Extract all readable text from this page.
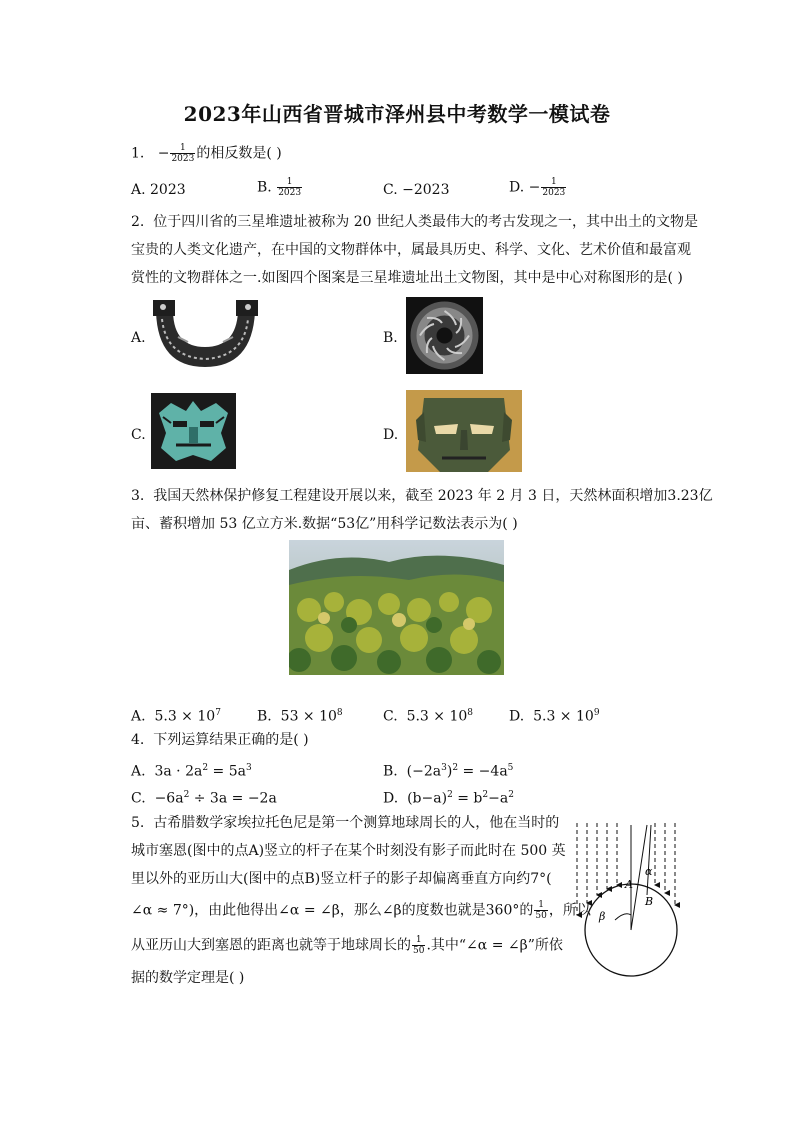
2023年山西省晋城市泽州县中考数学一模试卷
1. − $\frac{1}{2023}$ 的相反数是( )
A. 2023	B. $\frac{1}{2023}$	C. −2023	D. − $\frac{1}{2023}$
2. 位于四川省的三星堆遗址被称为 20 世纪人类最伟大的考古发现之一，其中出土的文物是
宝贵的人类文化遗产，在中国的文物群体中，属最具历史、科学、文化、艺术价值和最富观
赏性的文物群体之一.如图四个图案是三星堆遗址出土文物图，其中是中心对称图形的是( )
A.	B.
C.	D.
3. 我国天然林保护修复工程建设开展以来，截至 2023 年 2 月 3 日，天然林面积增加3.23亿
亩、蓄积增加 53 亿立方米.数据“53亿”用科学记数法表示为( )
A. $5.3 \times 10^7$	B. $53 \times 10^8$	C. $5.3 \times 10^8$	D. $5.3 \times 10^9$
4. 下列运算结果正确的是( )
A. $3a \cdot 2a^2 = 5a^3$	B. $(-2a^3)^2 = -4a^5$
C. $-6a^2 \div 3a = -2a$	D. $(b-a)^2 = b^2-a^2$
5. 古希腊数学家埃拉托色尼是第一个测算地球周长的人，他在当时的
城市塞恩(图中的点A)竖立的杆子在某个时刻没有影子而此时在 500 英
里以外的亚历山大(图中的点B)竖立杆子的影子却偏离垂直方向约7°(
∠α ≈ 7°)，由此他得出∠α = ∠β，那么∠β的度数也就是360°的 $\frac{1}{50}$ ，所以
从亚历山大到塞恩的距离也就等于地球周长的 $\frac{1}{50}$ .其中“∠α = ∠β”所依
据的数学定理是( )
α
β
A
B
